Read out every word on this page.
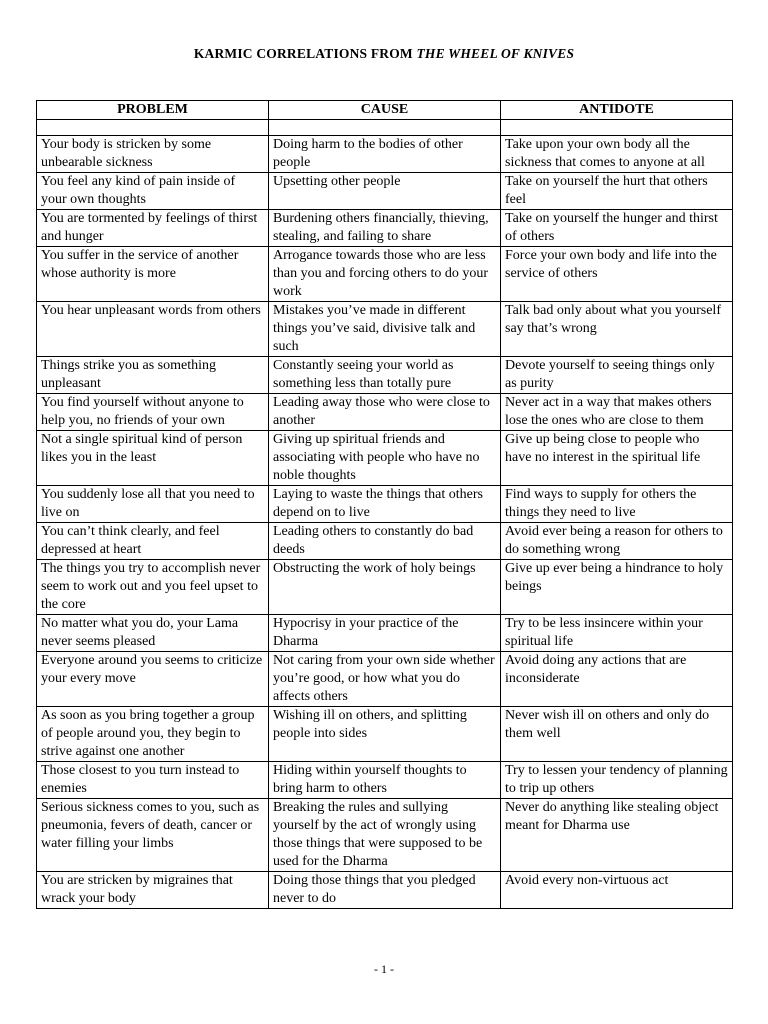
KARMIC CORRELATIONS FROM THE WHEEL OF KNIVES
PROBLEM	CAUSE	ANTIDOTE

Your body is stricken by some unbearable sickness	Doing harm to the bodies of other people	Take upon your own body all the sickness that comes to anyone at all
You feel any kind of pain inside of your own thoughts	Upsetting other people	Take on yourself the hurt that others feel
You are tormented by feelings of thirst and hunger	Burdening others financially, thieving, stealing, and failing to share	Take on yourself the hunger and thirst of others
You suffer in the service of another whose authority is more	Arrogance towards those who are less than you and forcing others to do your work	Force your own body and life into the service of others
You hear unpleasant words from others	Mistakes you’ve made in different things you’ve said, divisive talk and such	Talk bad only about what you yourself say that’s wrong
Things strike you as something unpleasant	Constantly seeing your world as something less than totally pure	Devote yourself to seeing things only as purity
You find yourself without anyone to help you, no friends of your own	Leading away those who were close to another	Never act in a way that makes others lose the ones who are close to them
Not a single spiritual kind of person likes you in the least	Giving up spiritual friends and associating with people who have no noble thoughts	Give up being close to people who have no interest in the spiritual life
You suddenly lose all that you need to live on	Laying to waste the things that others depend on to live	Find ways to supply for others the things they need to live
You can’t think clearly, and feel depressed at heart	Leading others to constantly do bad deeds	Avoid ever being a reason for others to do something wrong
The things you try to accomplish never seem to work out and you feel upset to the core	Obstructing the work of holy beings	Give up ever being a hindrance to holy beings
No matter what you do, your Lama never seems pleased	Hypocrisy in your practice of the Dharma	Try to be less insincere within your spiritual life
Everyone around you seems to criticize your every move	Not caring from your own side whether you’re good, or how what you do affects others	Avoid doing any actions that are inconsiderate
As soon as you bring together a group of people around you, they begin to strive against one another	Wishing ill on others, and splitting people into sides	Never wish ill on others and only do them well
Those closest to you turn instead to enemies	Hiding within yourself thoughts to bring harm to others	Try to lessen your tendency of planning to trip up others
Serious sickness comes to you, such as pneumonia, fevers of death, cancer or water filling your limbs	Breaking the rules and sullying yourself by the act of wrongly using those things that were supposed to be used for the Dharma	Never do anything like stealing object meant for Dharma use
You are stricken by migraines that wrack your body	Doing those things that you pledged never to do	Avoid every non-virtuous act
- 1 -
